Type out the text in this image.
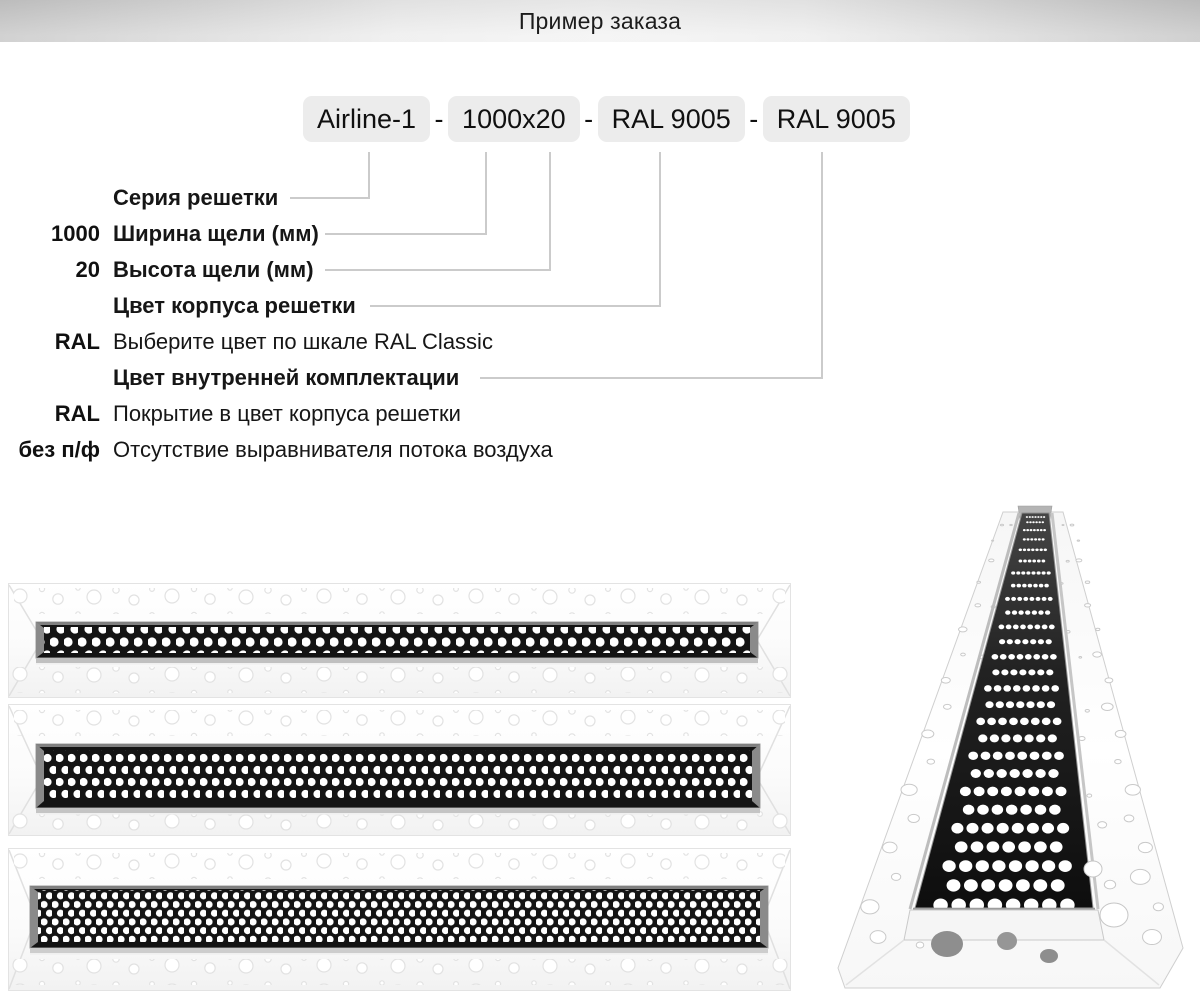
Пример заказа
Airline-1 - 1000x20 - RAL 9005 - RAL 9005
Серия решетки
1000 Ширина щели (мм)
20 Высота щели (мм)
Цвет корпуса решетки
RAL Выберите цвет по шкале RAL Classic
Цвет внутренней комплектации
RAL Покрытие в цвет корпуса решетки
без п/ф Отсутствие выравнивателя потока воздуха
